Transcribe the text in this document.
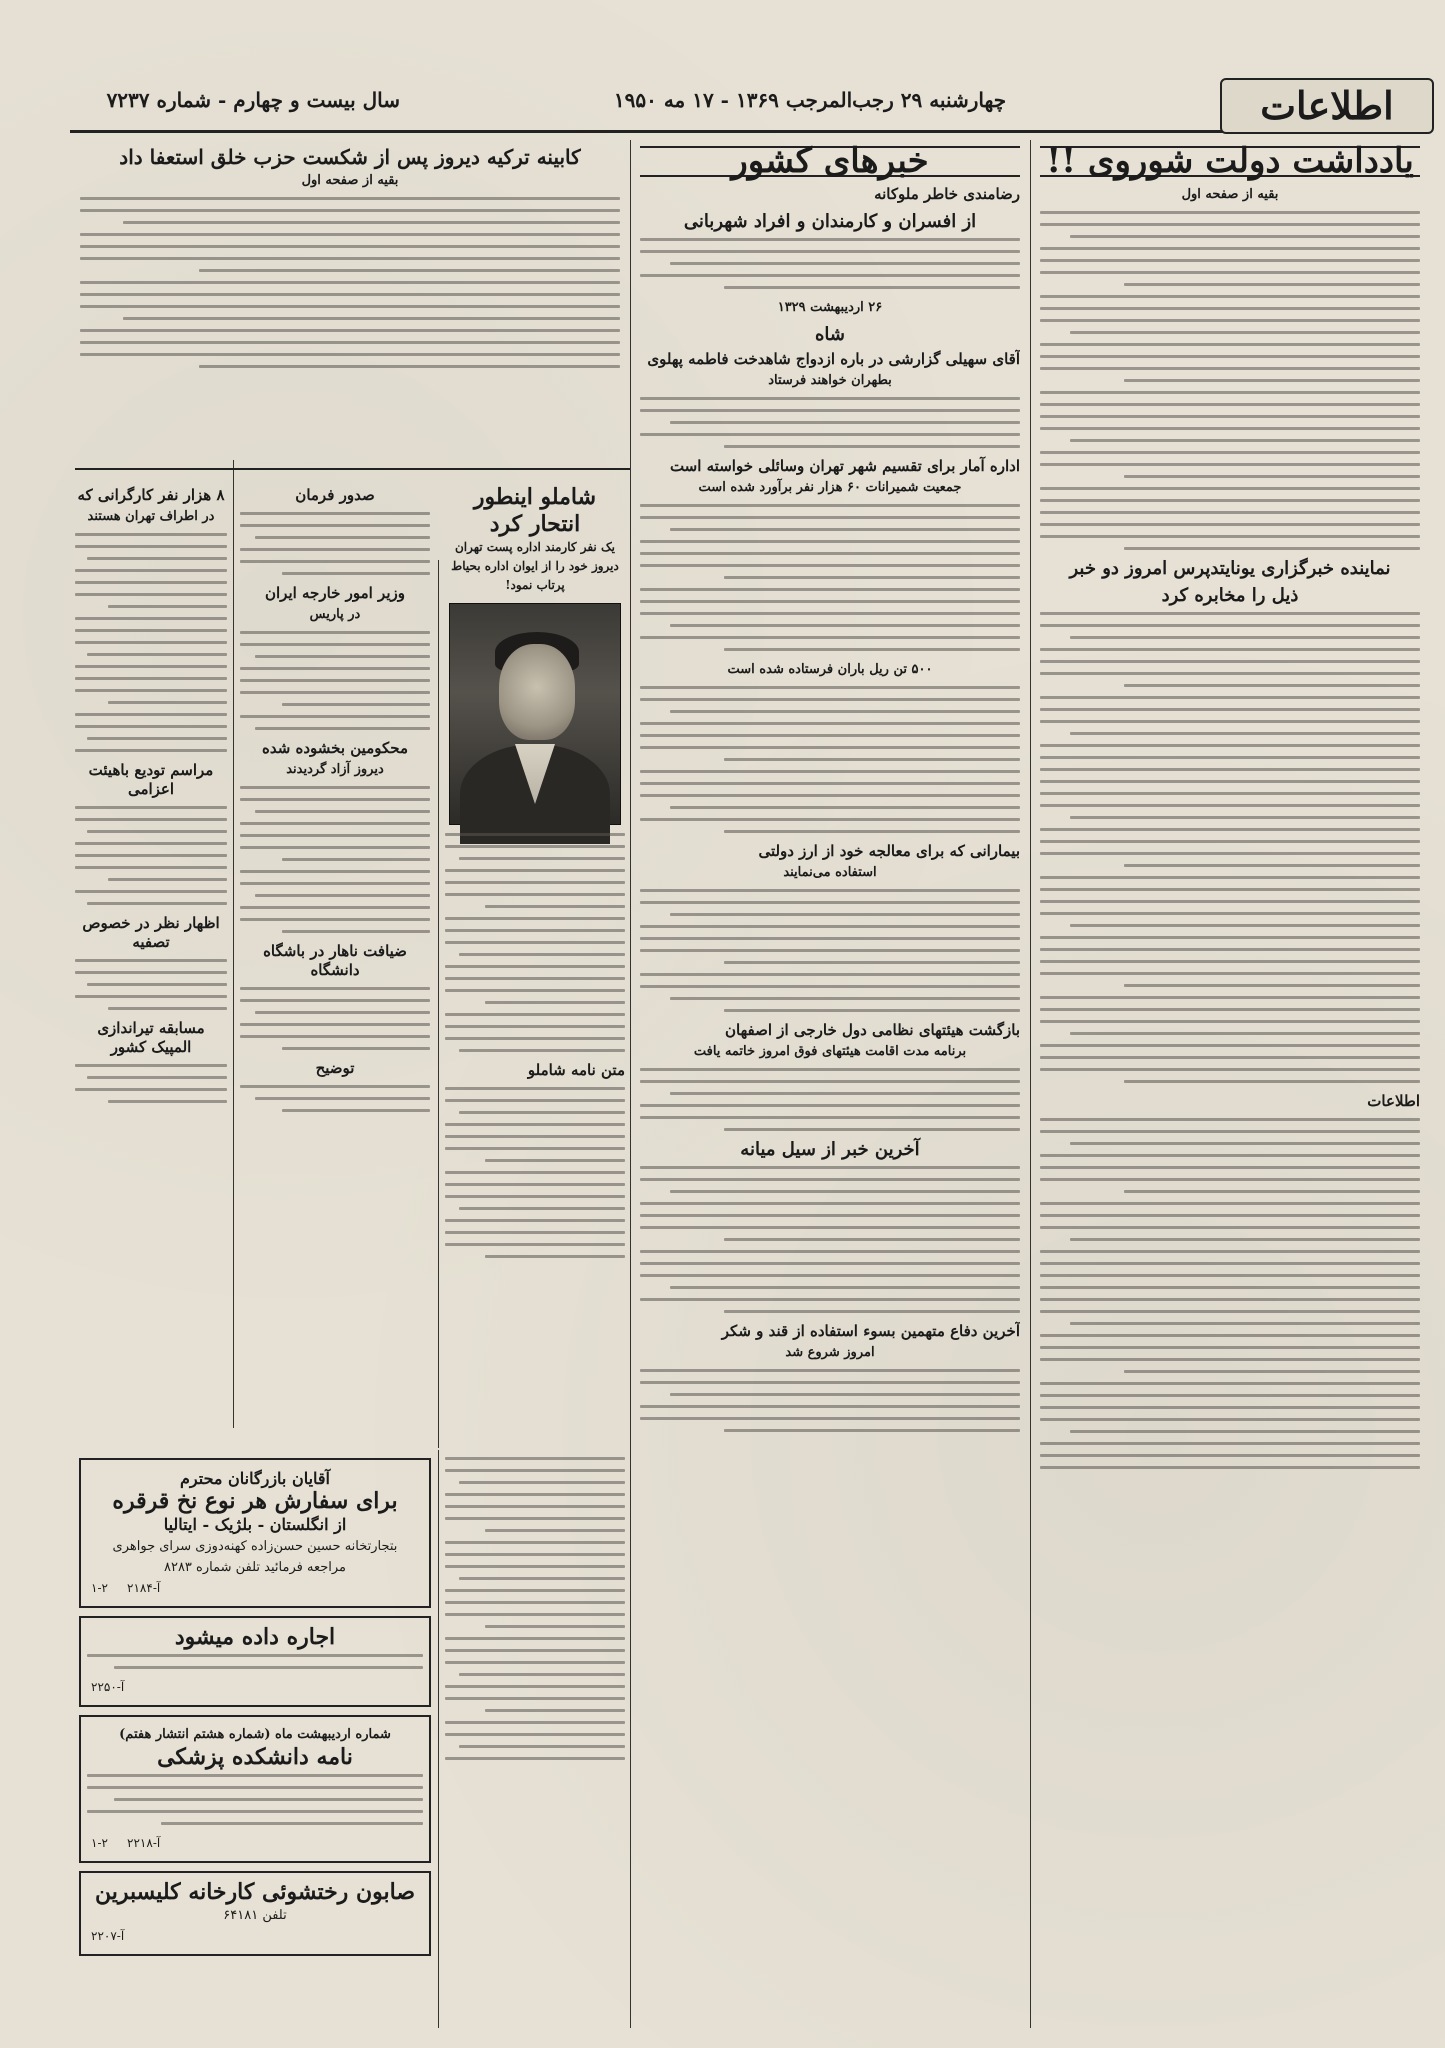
سال بیست و چهارم - شماره ۷۲۳۷	چهارشنبه ۲۹ رجب‌المرجب ۱۳۶۹ - ۱۷ مه ۱۹۵۰	اطلاعات
یادداشت دولت شوروی !!
بقیه از صفحه اول
نماینده خبرگزاری یونایتدپرس امروز دو خبر
ذیل را مخابره کرد
اطلاعات
کابینه ترکیه دیروز پس از شکست حزب خلق استعفا داد
بقیه از صفحه اول	خبرهای کشور
رضامندی خاطر ملوکانه
از افسران و کارمندان و افراد شهربانی
۲۶ اردیبهشت ۱۳۲۹
شاه
آقای سهیلی گزارشی در باره ازدواج شاهدخت فاطمه پهلوی
بطهران خواهند فرستاد
اداره آمار برای تقسیم شهر تهران وسائلی خواسته است
جمعیت شمیرانات ۶۰ هزار نفر برآورد شده است
۵۰۰ تن ریل باران فرستاده شده است
بیمارانی که برای معالجه خود از ارز دولتی
استفاده می‌نمایند
بازگشت هیئتهای نظامی دول خارجی از اصفهان
برنامه مدت اقامت هیئتهای فوق امروز خاتمه یافت
آخرین خبر از سیل میانه
آخرین دفاع متهمین بسوء استفاده از قند و شکر
امروز شروع شد
شاملو اینطور
انتحار کرد
یک نفر کارمند اداره پست تهران دیروز خود را از ایوان اداره بحیاط پرتاب نمود!
متن نامه شاملو
صدور فرمان
وزیر امور خارجه ایران
در پاریس
محکومین بخشوده شده
دیروز آزاد گردیدند
ضیافت ناهار در باشگاه دانشگاه
توضیح
۸ هزار نفر کارگرانی که
در اطراف تهران هستند
مراسم تودیع باهیئت اعزامی
اظهار نظر در خصوص تصفیه
مسابقه تیراندازی المپیک کشور
آقایان بازرگانان محترم
برای سفارش هر نوع نخ قرقره
از انگلستان - بلژیک - ایتالیا
بتجارتخانه حسین حسن‌زاده کهنه‌دوزی سرای جواهری
مراجعه فرمائید تلفن شماره ۸۲۸۳
۱-۲ آ-۲۱۸۴
اجاره داده میشود
آ-۲۲۵۰
شماره اردیبهشت ماه (شماره هشتم انتشار هفتم)
نامه دانشکده پزشکی
۱-۲ آ-۲۲۱۸
صابون رختشوئی کارخانه کلیسبرین
تلفن ۶۴۱۸۱
آ-۲۲۰۷
